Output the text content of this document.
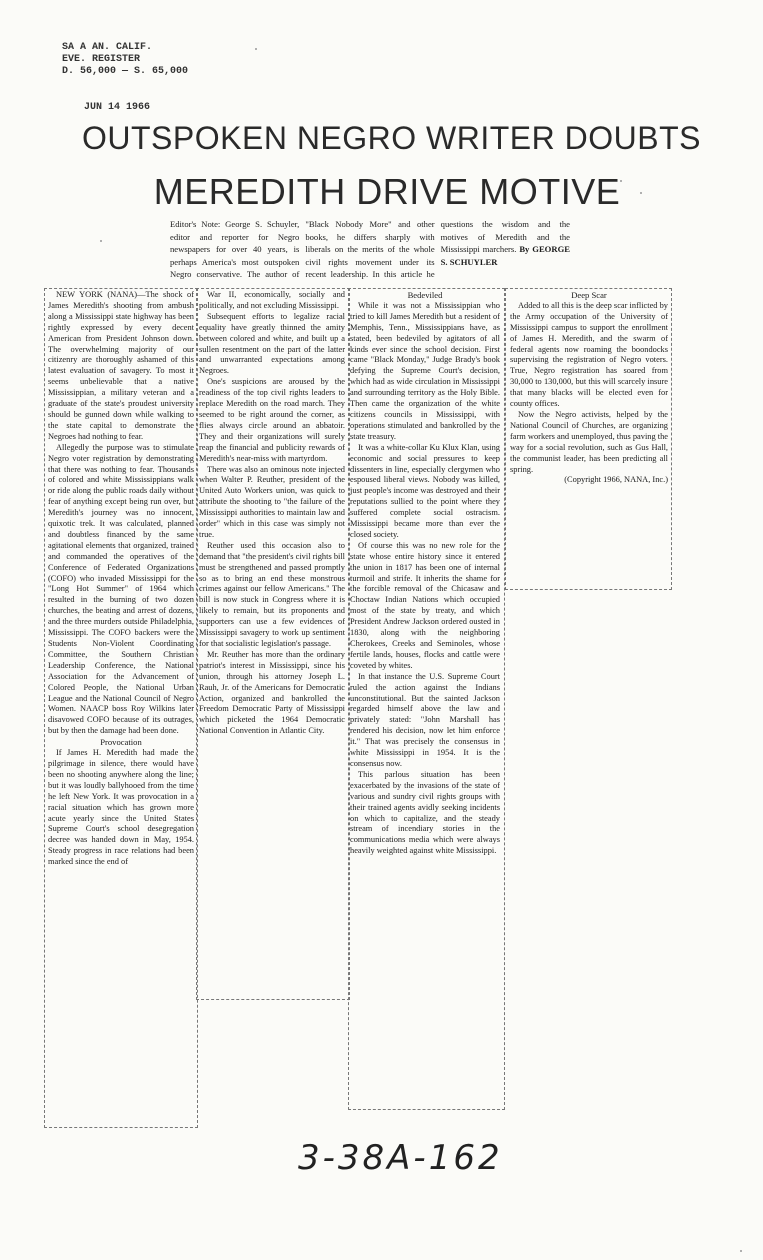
SA A AN. CALIF.
EVE. REGISTER
D. 56,000 — S. 65,000
JUN 14 1966
OUTSPOKEN NEGRO WRITER DOUBTS
MEREDITH DRIVE MOTIVE
Editor's Note: George S. Schuyler, editor and reporter for Negro newspapers for over 40 years, is perhaps America's most outspoken Negro conservative. The author of "Black Nobody More" and other books, he differs sharply with liberals on the merits of the whole civil rights movement under its recent leadership. In this article he questions the wisdom and the motives of Meredith and the Mississippi marchers. By GEORGE S. SCHUYLER

NEW YORK (NANA)—The shock of James Meredith's shooting from ambush along a Mississippi state highway has been rightly expressed by every decent American from President Johnson down. The overwhelming majority of our citizenry are thoroughly ashamed of this latest evaluation of savagery. To most it seems unbelievable that a native Mississippian, a military veteran and a graduate of the state's proudest university should be gunned down while walking to the state capital to demonstrate the Negroes had nothing to fear.

Allegedly the purpose was to stimulate Negro voter registration by demonstrating that there was nothing to fear. Thousands of colored and white Mississippians walk or ride along the public roads daily without fear of anything except being run over, but Meredith's journey was no innocent, quixotic trek. It was calculated, planned and doubtless financed by the same agitational elements that organized, trained and commanded the operatives of the Conference of Federated Organizations (COFO) who invaded Mississippi for the "Long Hot Summer" of 1964 which resulted in the burning of two dozen churches, the beating and arrest of dozens, and the three murders outside Philadelphia, Mississippi. The COFO backers were the Students Non-Violent Coordinating Committee, the Southern Christian Leadership Conference, the National Association for the Advancement of Colored People, the National Urban League and the National Council of Negro Women. NAACP boss Roy Wilkins later disavowed COFO because of its outrages, but by then the damage had been done.

Provocation

If James H. Meredith had made the pilgrimage in silence, there would have been no shooting anywhere along the line; but it was loudly ballyhooed from the time he left New York. It was provocation in a racial situation which has grown more acute yearly since the United States Supreme Court's school desegregation decree was handed down in May, 1954. Steady progress in race relations had been marked since the end of

War II, economically, socially and politically, and not excluding Mississippi.

Subsequent efforts to legalize racial equality have greatly thinned the amity between colored and white, and built up a sullen resentment on the part of the latter and unwarranted expectations among Negroes.

One's suspicions are aroused by the readiness of the top civil rights leaders to replace Meredith on the road march. They seemed to be right around the corner, as flies always circle around an abbatoir. They and their organizations will surely reap the financial and publicity rewards of Meredith's near-miss with martyrdom.

There was also an ominous note injected when Walter P. Reuther, president of the United Auto Workers union, was quick to attribute the shooting to "the failure of the Mississippi authorities to maintain law and order" which in this case was simply not true.

Reuther used this occasion also to demand that "the president's civil rights bill must be strengthened and passed promptly so as to bring an end these monstrous crimes against our fellow Americans." The bill is now stuck in Congress where it is likely to remain, but its proponents and supporters can use a few evidences of Mississippi savagery to work up sentiment for that socialistic legislation's passage.

Mr. Reuther has more than the ordinary patriot's interest in Mississippi, since his union, through his attorney Joseph L. Rauh, Jr. of the Americans for Democratic Action, organized and bankrolled the Freedom Democratic Party of Mississippi which picketed the 1964 Democratic National Convention in Atlantic City.

Bedeviled

While it was not a Mississippian who tried to kill James Meredith but a resident of Memphis, Tenn., Mississippians have, as stated, been bedeviled by agitators of all kinds ever since the school decision. First came "Black Monday," Judge Brady's book defying the Supreme Court's decision, which had as wide circulation in Mississippi and surrounding territory as the Holy Bible. Then came the organization of the white citizens councils in Mississippi, with operations stimulated and bankrolled by the state treasury.

It was a white-collar Ku Klux Klan, using economic and social pressures to keep dissenters in line, especially clergymen who espoused liberal views. Nobody was killed, just people's income was destroyed and their reputations sullied to the point where they suffered complete social ostracism. Mississippi became more than ever the closed society.

Of course this was no new role for the state whose entire history since it entered the union in 1817 has been one of internal turmoil and strife. It inherits the shame for the forcible removal of the Chicasaw and Choctaw Indian Nations which occupied most of the state by treaty, and which President Andrew Jackson ordered ousted in 1830, along with the neighboring Cherokees, Creeks and Seminoles, whose fertile lands, houses, flocks and cattle were coveted by whites.

In that instance the U.S. Supreme Court ruled the action against the Indians unconstitutional. But the sainted Jackson regarded himself above the law and privately stated: "John Marshall has rendered his decision, now let him enforce it." That was precisely the consensus in white Mississippi in 1954. It is the consensus now.

This parlous situation has been exacerbated by the invasions of the state of various and sundry civil rights groups with their trained agents avidly seeking incidents on which to capitalize, and the steady stream of incendiary stories in the communications media which were always heavily weighted against white Mississippi.

Deep Scar

Added to all this is the deep scar inflicted by the Army occupation of the University of Mississippi campus to support the enrollment of James H. Meredith, and the swarm of federal agents now roaming the boondocks supervising the registration of Negro voters. True, Negro registration has soared from 30,000 to 130,000, but this will scarcely insure that many blacks will be elected even for county offices.

Now the Negro activists, helped by the National Council of Churches, are organizing farm workers and unemployed, thus paving the way for a social revolution, such as Gus Hall, the communist leader, has been predicting all spring.

(Copyright 1966, NANA, Inc.)

3-38A-162
